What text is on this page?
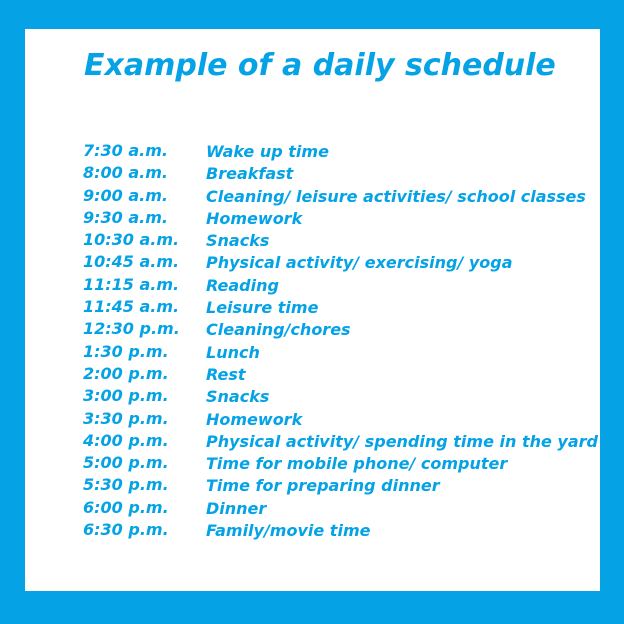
Example of a daily schedule
7:30 a.m. Wake up time
8:00 a.m. Breakfast
9:00 a.m. Cleaning/ leisure activities/ school classes
9:30 a.m. Homework
10:30 a.m. Snacks
10:45 a.m. Physical activity/ exercising/ yoga
11:15 a.m. Reading
11:45 a.m. Leisure time
12:30 p.m. Cleaning/chores
1:30 p.m. Lunch
2:00 p.m. Rest
3:00 p.m. Snacks
3:30 p.m. Homework
4:00 p.m. Physical activity/ spending time in the yard
5:00 p.m. Time for mobile phone/ computer
5:30 p.m. Time for preparing dinner
6:00 p.m. Dinner
6:30 p.m. Family/movie time
